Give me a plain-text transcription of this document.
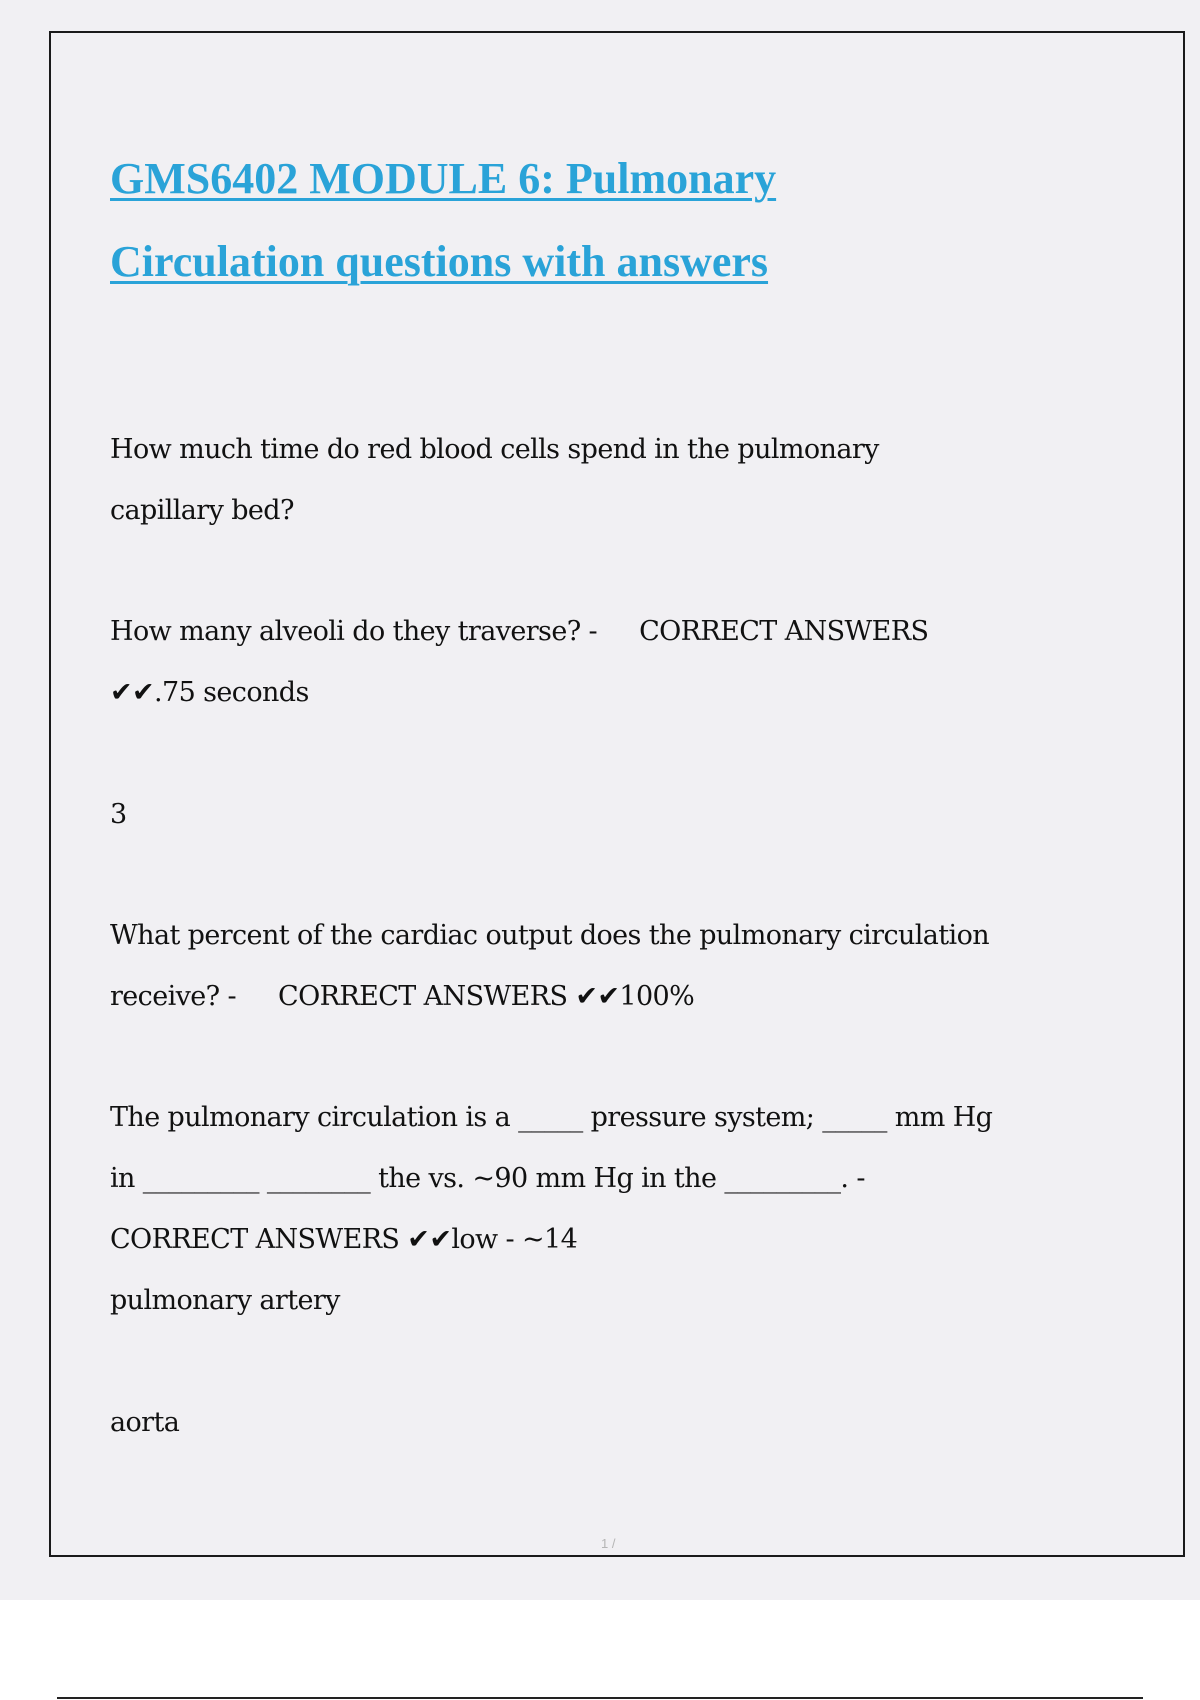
GMS6402 MODULE 6: Pulmonary
Circulation questions with answers

How much time do red blood cells spend in the pulmonary

capillary bed?

How many alveoli do they traverse? - CORRECT ANSWERS

✔✔.75 seconds

3

What percent of the cardiac output does the pulmonary circulation

receive? - CORRECT ANSWERS ✔✔100%

The pulmonary circulation is a _____ pressure system; _____ mm Hg

in _________ ________ the vs. ~90 mm Hg in the _________. -

CORRECT ANSWERS ✔✔low - ~14

pulmonary artery

aorta

1 /
